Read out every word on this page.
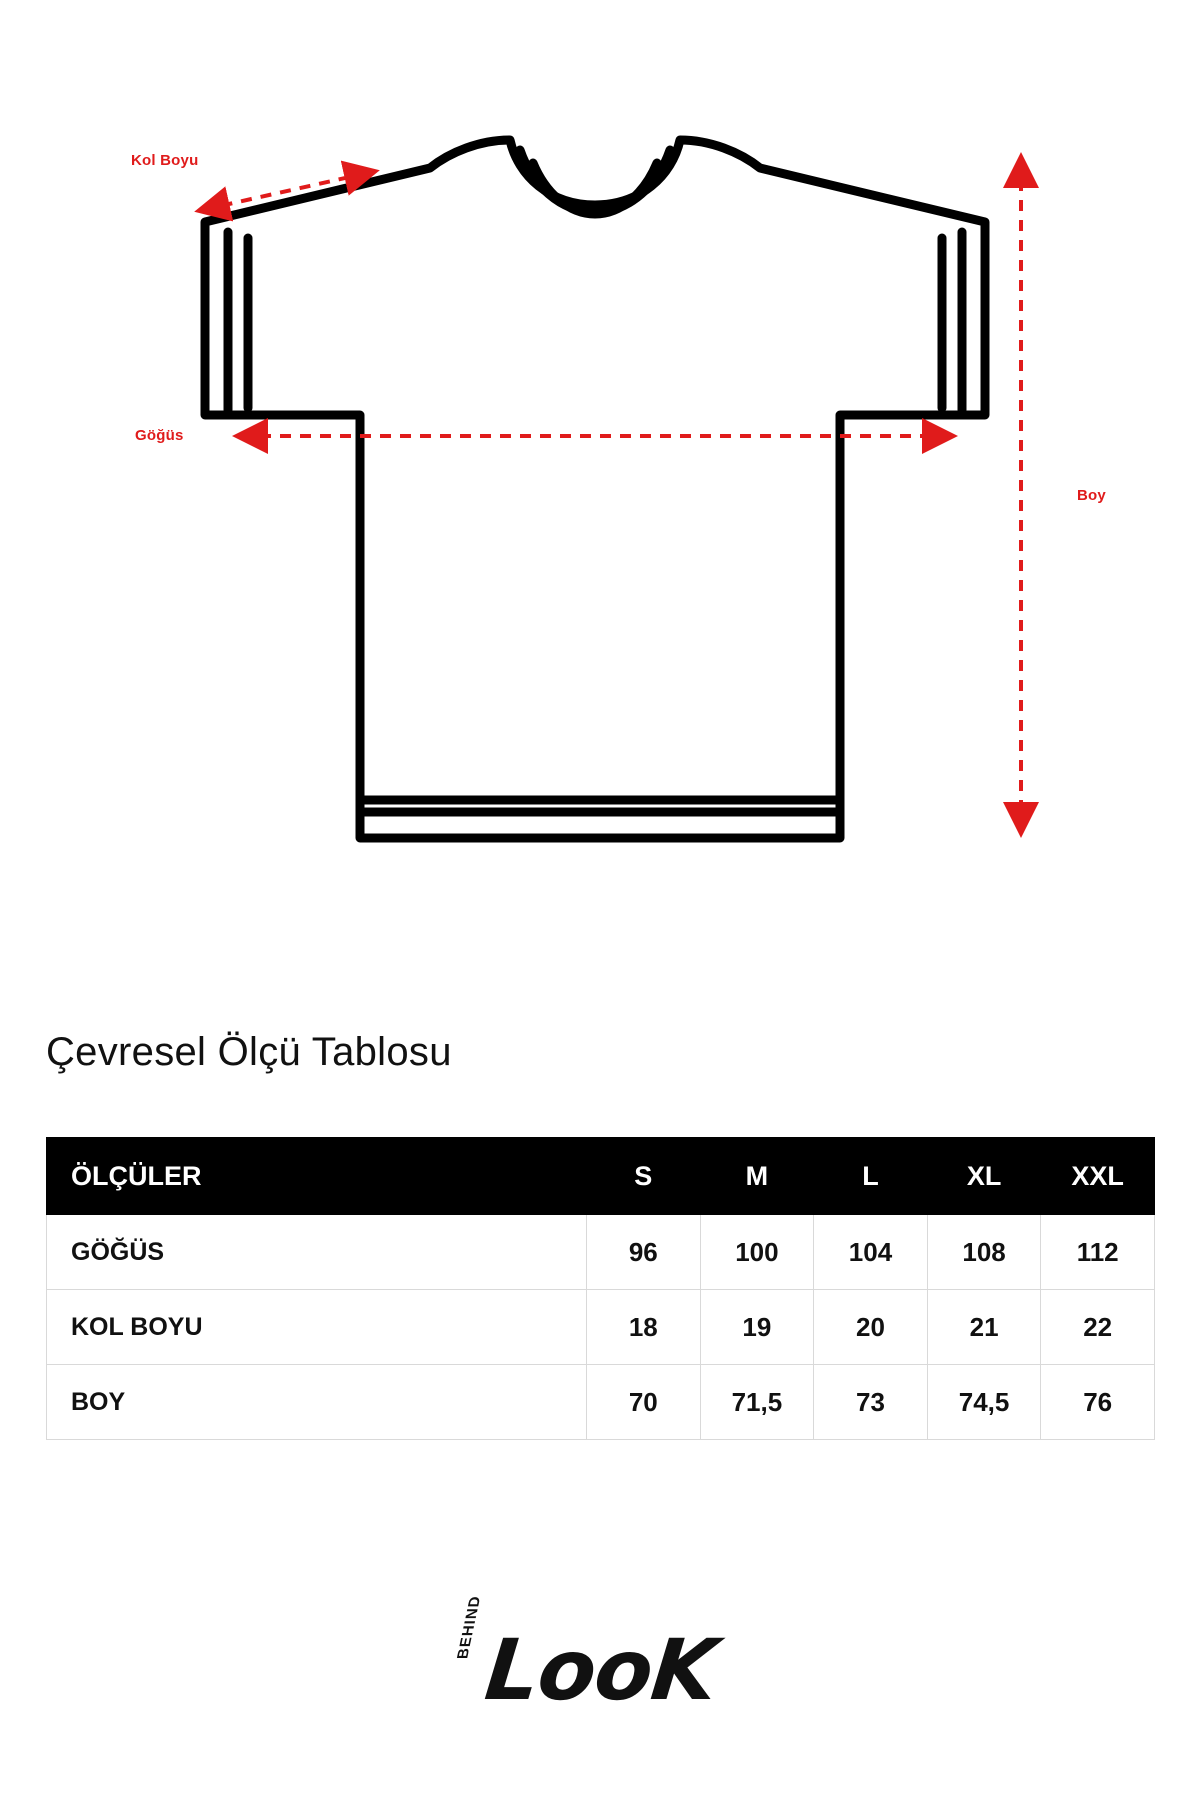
Kol Boyu
Göğüs
Boy
Çevresel Ölçü Tablosu
ÖLÇÜLER	S	M	L	XL	XXL
GÖĞÜS	96	100	104	108	112
KOL BOYU	18	19	20	21	22
BOY	70	71,5	73	74,5	76
BEHIND
LooK
